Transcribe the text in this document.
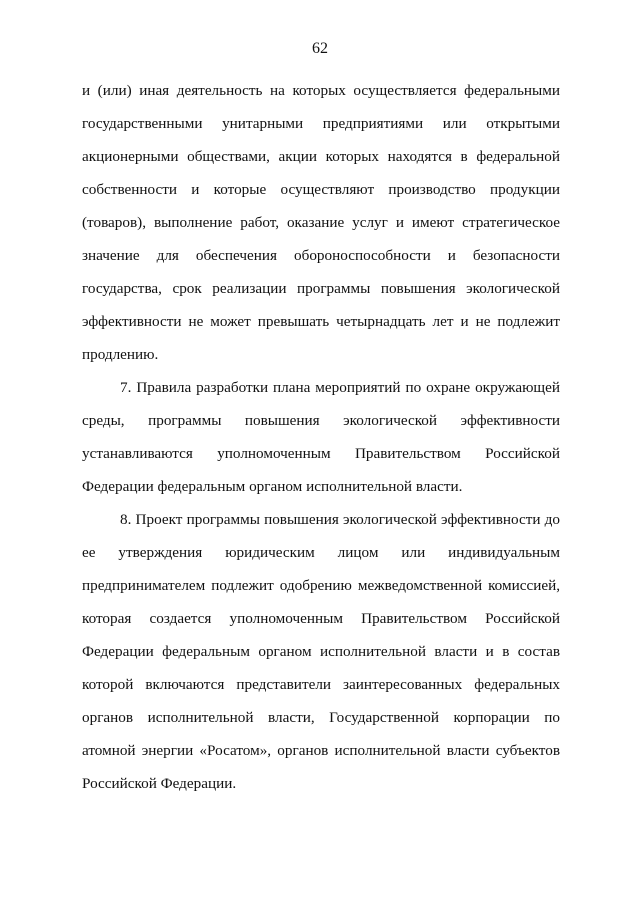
62

и (или) иная деятельность на которых осуществляется федеральными государственными унитарными предприятиями или открытыми акционерными обществами, акции которых находятся в федеральной собственности и которые осуществляют производство продукции (товаров), выполнение работ, оказание услуг и имеют стратегическое значение для обеспечения обороноспособности и безопасности государства, срок реализации программы повышения экологической эффективности не может превышать четырнадцать лет и не подлежит продлению.

7. Правила разработки плана мероприятий по охране окружающей среды, программы повышения экологической эффективности устанавливаются уполномоченным Правительством Российской Федерации федеральным органом исполнительной власти.

8. Проект программы повышения экологической эффективности до ее утверждения юридическим лицом или индивидуальным предпринимателем подлежит одобрению межведомственной комиссией, которая создается уполномоченным Правительством Российской Федерации федеральным органом исполнительной власти и в состав которой включаются представители заинтересованных федеральных органов исполнительной власти, Государственной корпорации по атомной энергии «Росатом», органов исполнительной власти субъектов Российской Федерации.
